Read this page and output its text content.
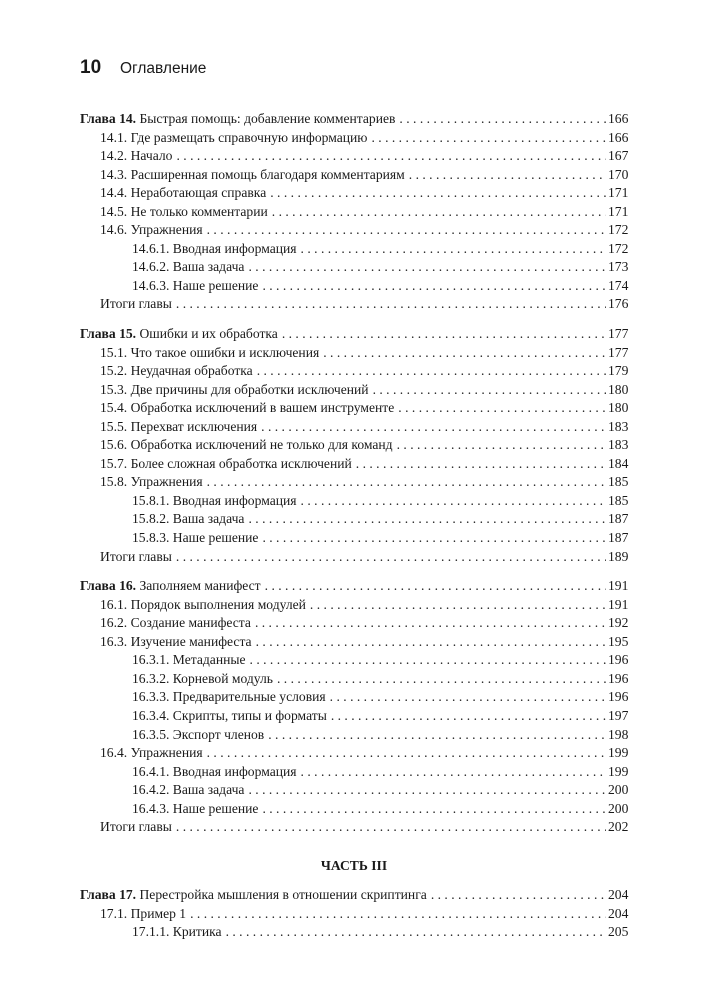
10 Оглавление
Глава 14. Быстрая помощь: добавление комментариев . . .	166
14.1. Где размещать справочную информацию . . .	166
14.2. Начало . . .	167
14.3. Расширенная помощь благодаря комментариям . . .	170
14.4. Неработающая справка . . .	171
14.5. Не только комментарии . . .	171
14.6. Упражнения . . .	172
14.6.1. Вводная информация . . .	172
14.6.2. Ваша задача . . .	173
14.6.3. Наше решение . . .	174
Итоги главы . . .	176
Глава 15. Ошибки и их обработка . . .	177
15.1. Что такое ошибки и исключения . . .	177
15.2. Неудачная обработка . . .	179
15.3. Две причины для обработки исключений . . .	180
15.4. Обработка исключений в вашем инструменте . . .	180
15.5. Перехват исключения . . .	183
15.6. Обработка исключений не только для команд . . .	183
15.7. Более сложная обработка исключений . . .	184
15.8. Упражнения . . .	185
15.8.1. Вводная информация . . .	185
15.8.2. Ваша задача . . .	187
15.8.3. Наше решение . . .	187
Итоги главы . . .	189
Глава 16. Заполняем манифест . . .	191
16.1. Порядок выполнения модулей . . .	191
16.2. Создание манифеста . . .	192
16.3. Изучение манифеста . . .	195
16.3.1. Метаданные . . .	196
16.3.2. Корневой модуль . . .	196
16.3.3. Предварительные условия . . .	196
16.3.4. Скрипты, типы и форматы . . .	197
16.3.5. Экспорт членов . . .	198
16.4. Упражнения . . .	199
16.4.1. Вводная информация . . .	199
16.4.2. Ваша задача . . .	200
16.4.3. Наше решение . . .	200
Итоги главы . . .	202
ЧАСТЬ III
Глава 17. Перестройка мышления в отношении скриптинга . . .	204
17.1. Пример 1 . . .	204
17.1.1. Критика . . .	205
